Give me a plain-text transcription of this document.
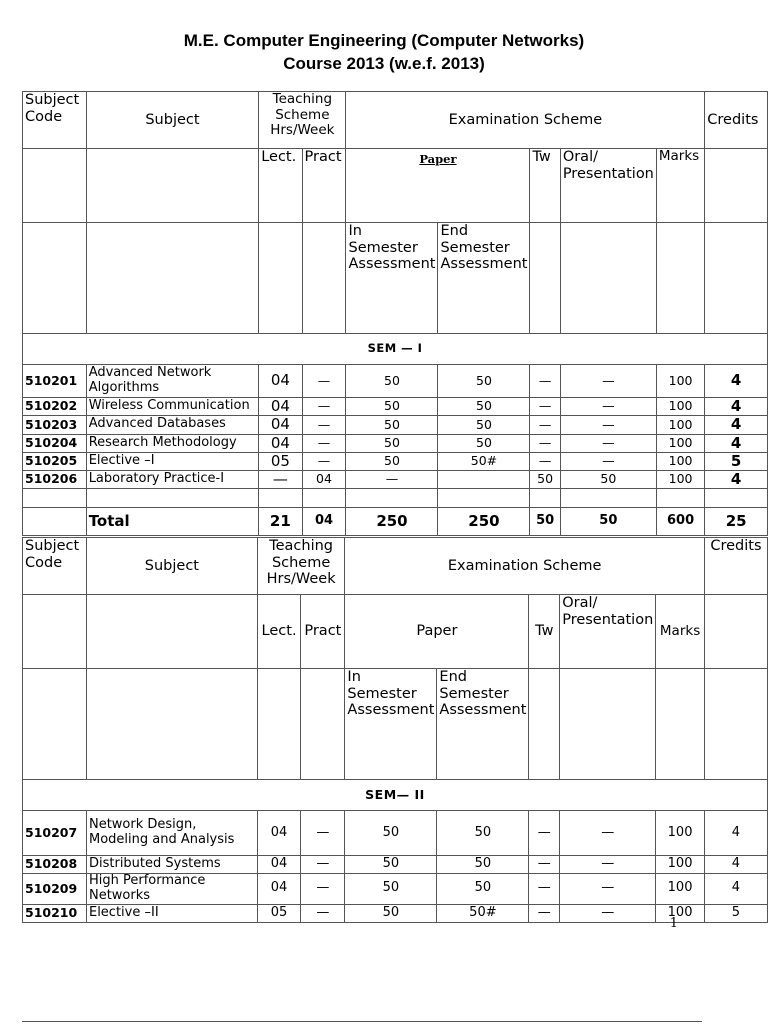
M.E. Computer Engineering (Computer Networks)
Course 2013 (w.e.f. 2013)
Subject Code	Subject	Teaching Scheme Hrs/Week		Examination Scheme					Credits
		Lect.	Pract	Paper		Tw	Oral/ Presentation	Marks	
				In Semester Assessment	End Semester Assessment				
SEM — I									
510201	Advanced Network Algorithms	04	—	50	50	—	—	100	4
510202	Wireless Communication	04	—	50	50	—	—	100	4
510203	Advanced Databases	04	—	50	50	—	—	100	4
510204	Research Methodology	04	—	50	50	—	—	100	4
510205	Elective –I	05	—	50	50#	—	—	100	5
510206	Laboratory Practice-I	—	04	—		50	50	100	4

	Total	21	04	250	250	50	50	600	25
Subject Code	Subject	Teaching Scheme Hrs/Week		Examination Scheme					Credits
		Lect.	Pract	Paper		Tw	Oral/ Presentation	Marks	
				In Semester Assessment	End Semester Assessment				
SEM— II									
510207	Network Design, Modeling and Analysis	04	—	50	50	—	—	100	4
510208	Distributed Systems	04	—	50	50	—	—	100	4
510209	High Performance Networks	04	—	50	50	—	—	100	4
510210	Elective –II	05	—	50	50#	—	—	100	5
1
